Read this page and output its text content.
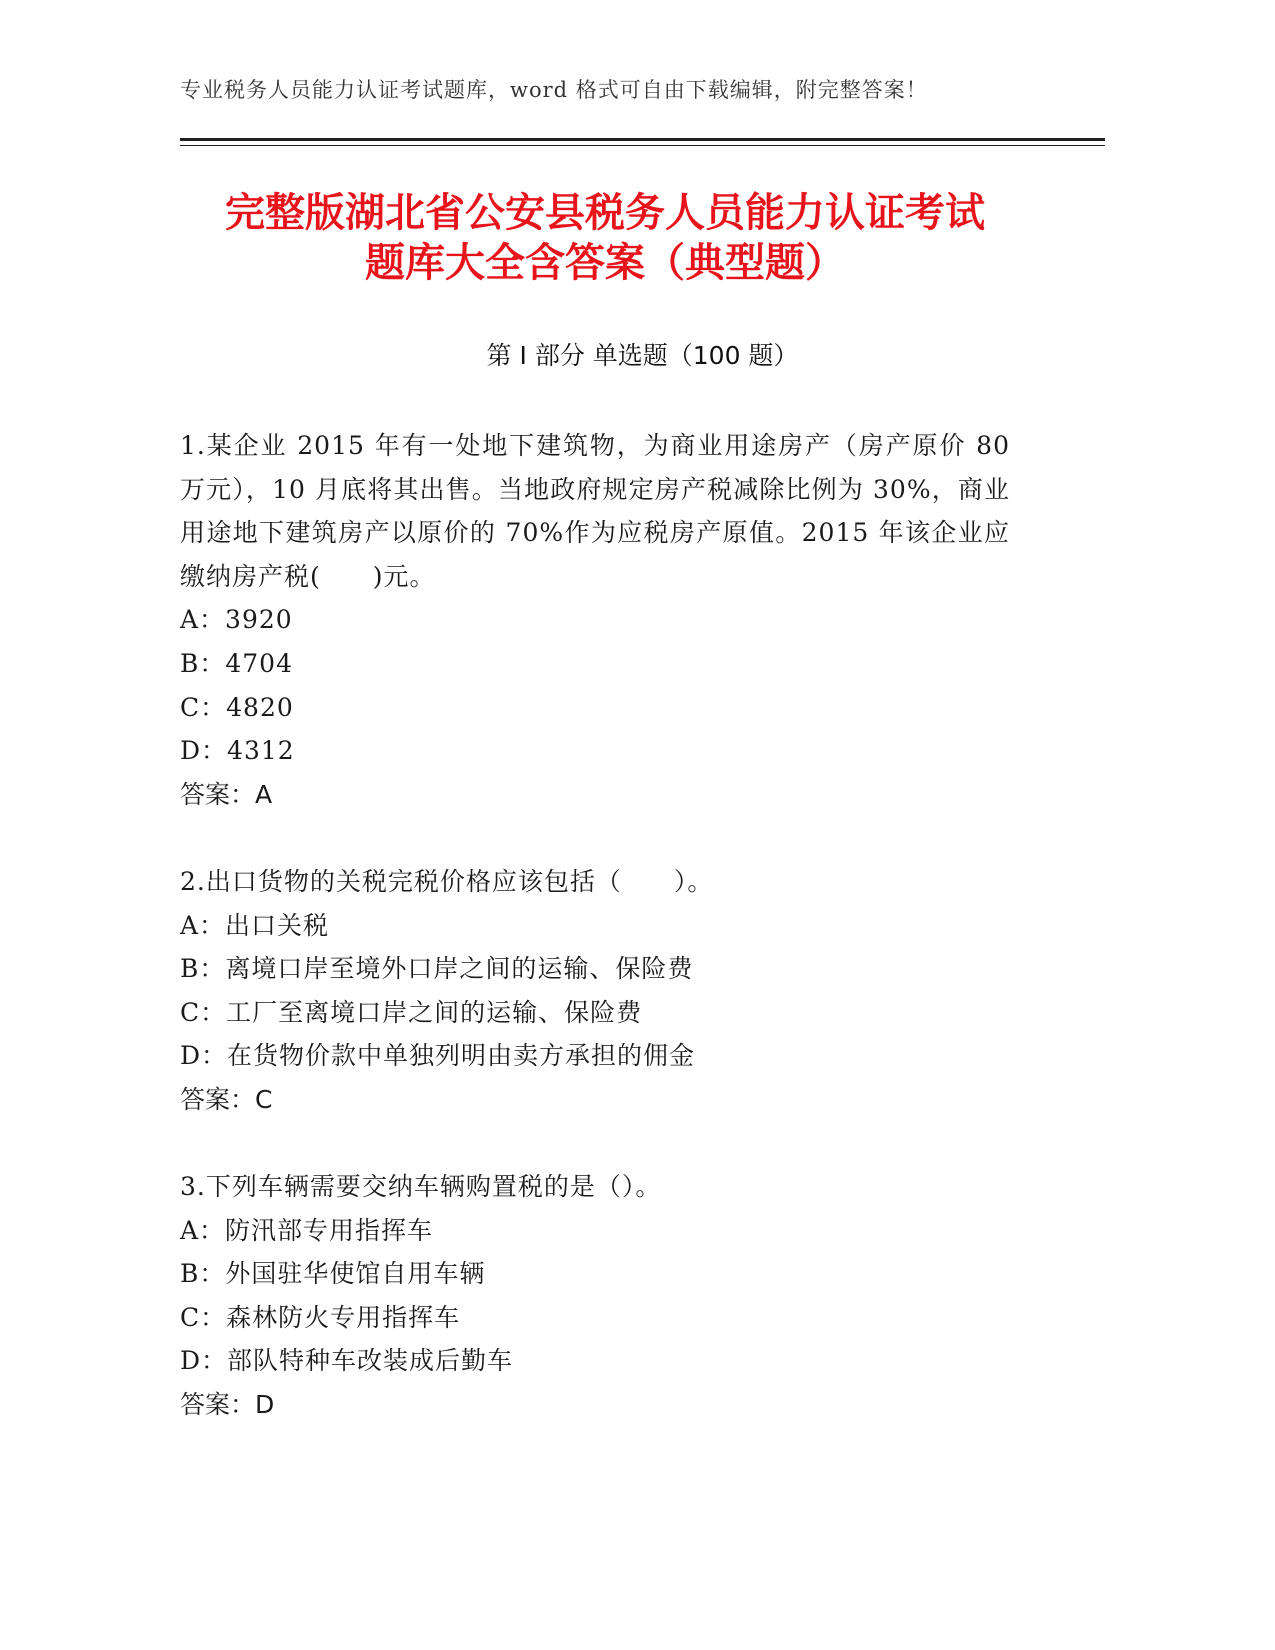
专业税务人员能力认证考试题库，word 格式可自由下载编辑，附完整答案！
完整版湖北省公安县税务人员能力认证考试
题库大全含答案（典型题）
第 I 部分 单选题（100 题）

1.某企业 2015 年有一处地下建筑物，为商业用途房产（房产原价 80 万元），10 月底将其出售。当地政府规定房产税减除比例为 30%，商业用途地下建筑房产以原价的 70%作为应税房产原值。2015 年该企业应缴纳房产税(　　)元。

A：3920

B：4704

C：4820

D：4312

答案：A

2.出口货物的关税完税价格应该包括（　　）。

A：出口关税

B：离境口岸至境外口岸之间的运输、保险费

C：工厂至离境口岸之间的运输、保险费

D：在货物价款中单独列明由卖方承担的佣金

答案：C

3.下列车辆需要交纳车辆购置税的是（）。

A：防汛部专用指挥车

B：外国驻华使馆自用车辆

C：森林防火专用指挥车

D：部队特种车改装成后勤车

答案：D
